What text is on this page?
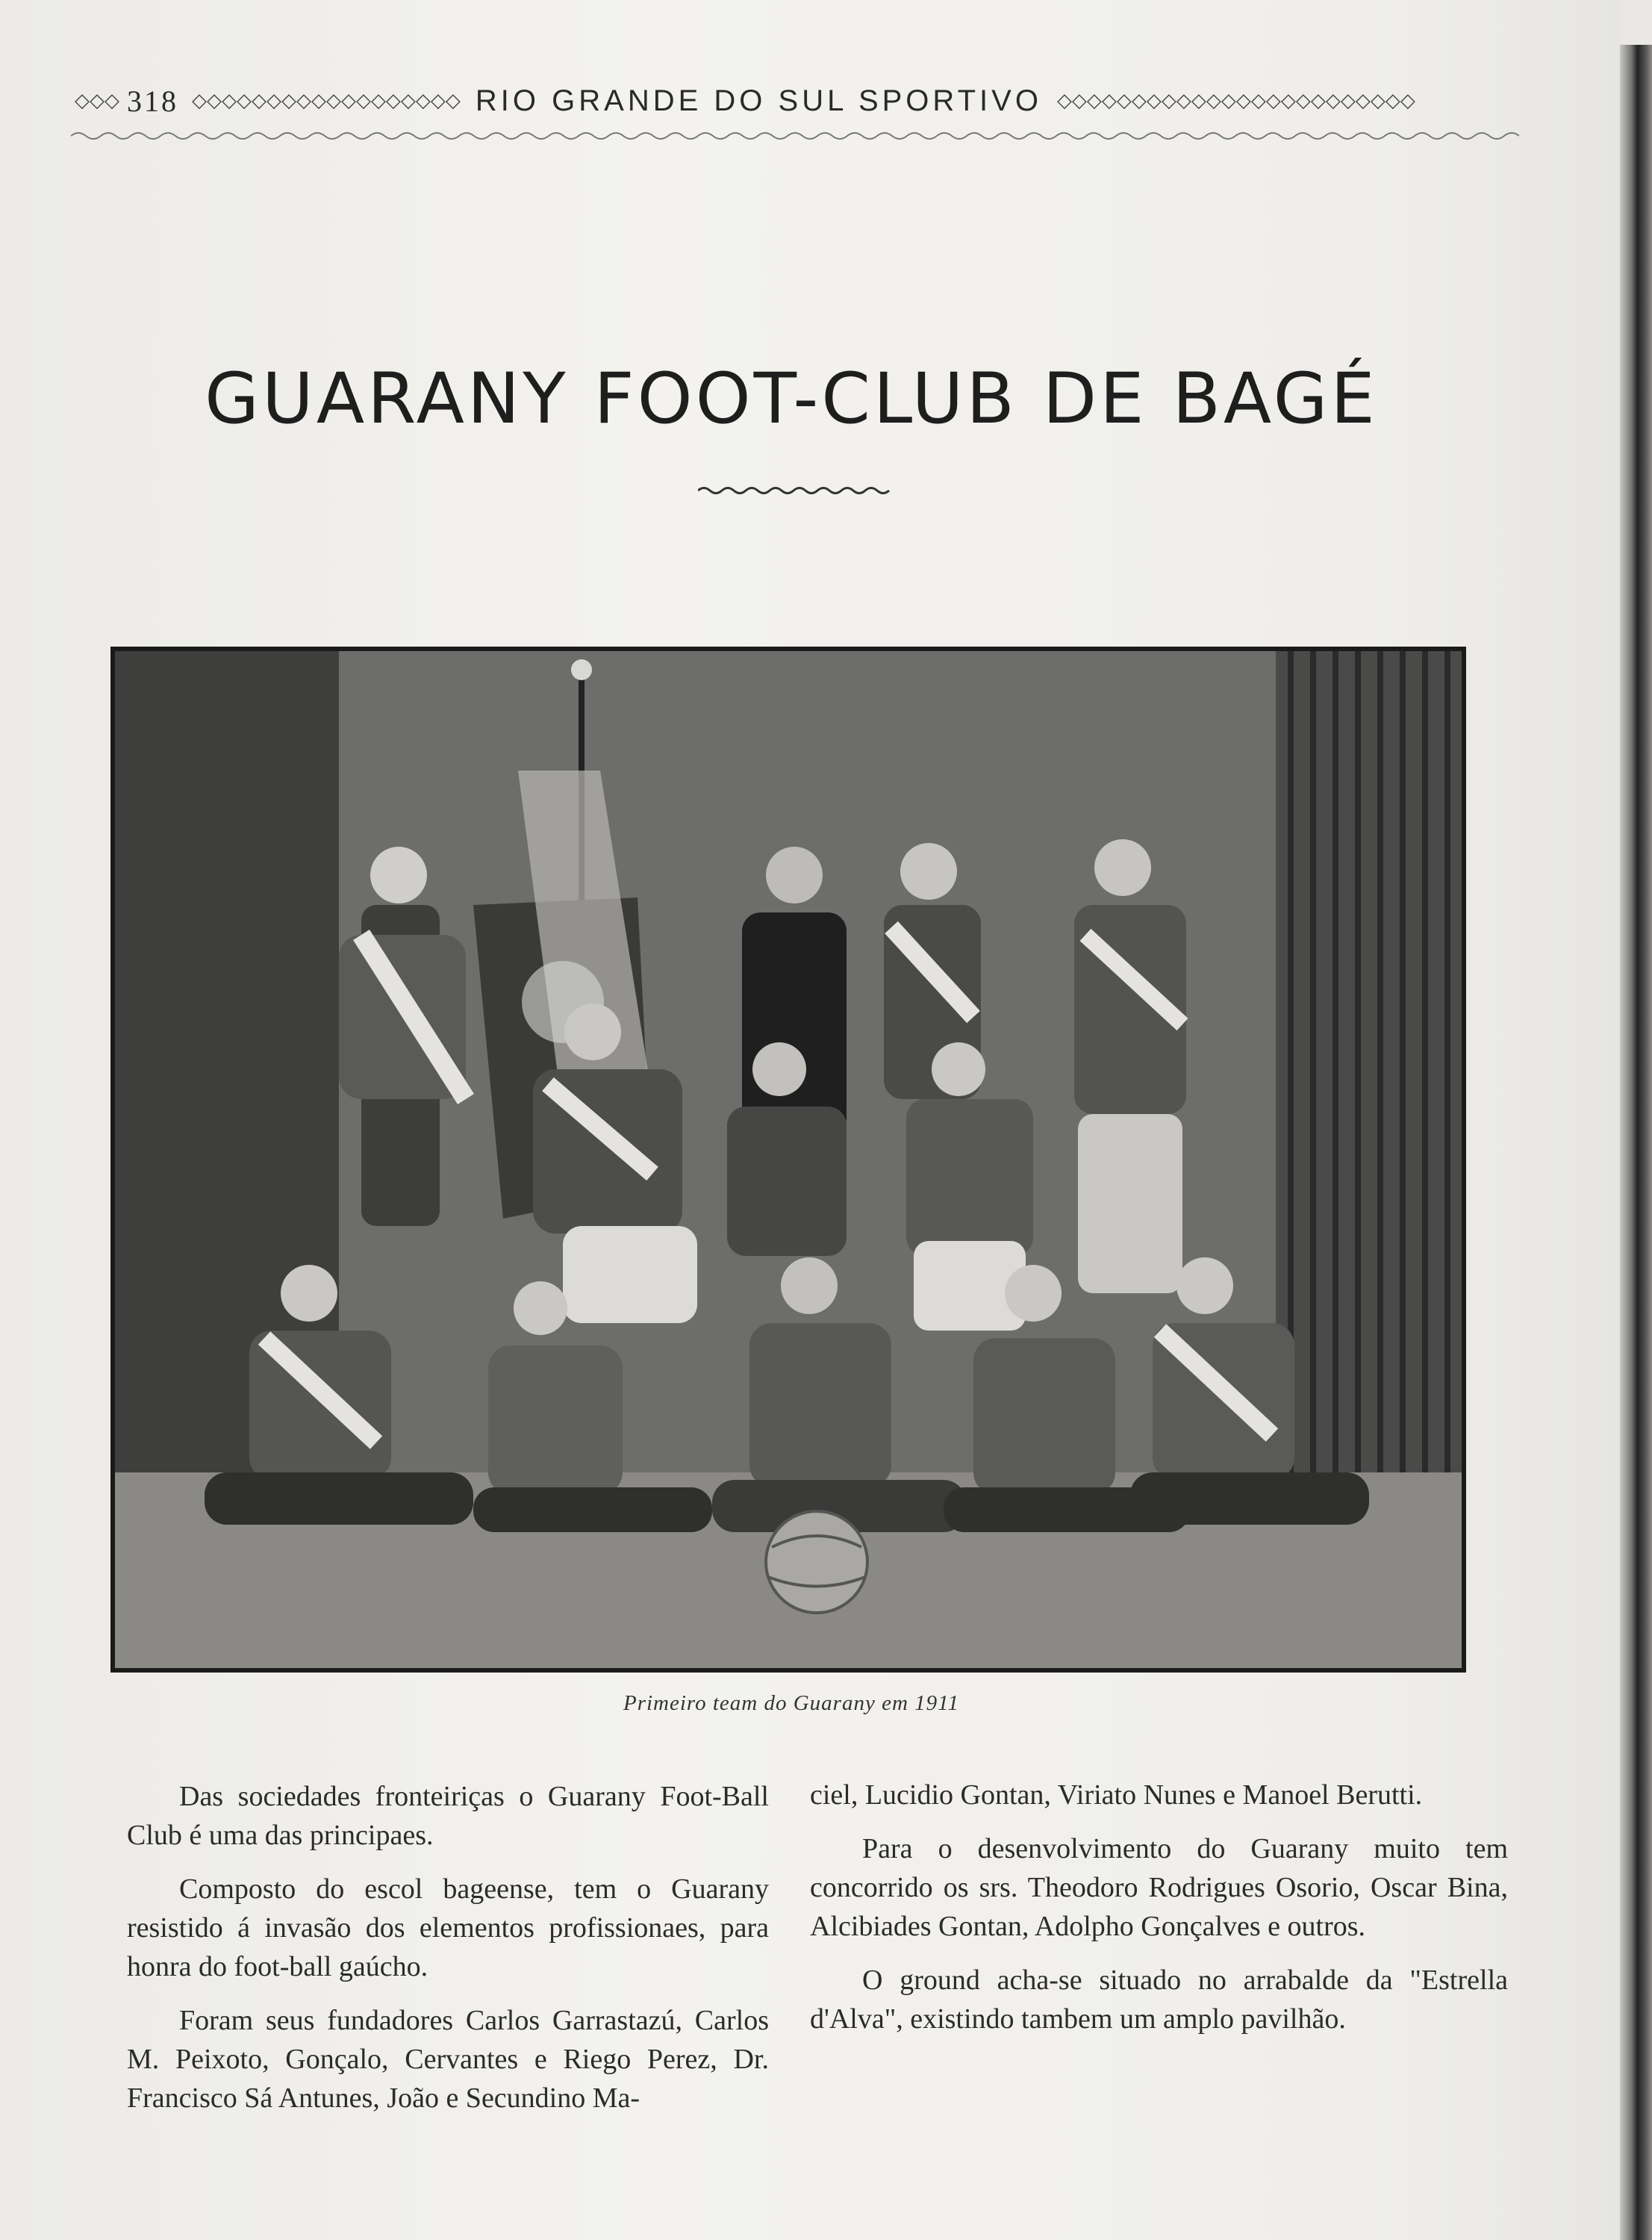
◇◇◇ 318 ◇◇◇◇◇◇◇◇◇◇◇◇◇◇◇◇◇◇ RIO GRANDE DO SUL SPORTIVO ◇◇◇◇◇◇◇◇◇◇◇◇◇◇◇◇◇◇◇◇◇◇◇◇
GUARANY FOOT-CLUB DE BAGÉ
Primeiro team do Guarany em 1911

Das sociedades fronteiriças o Guarany Foot-Ball Club é uma das principaes.

Composto do escol bageense, tem o Guarany resistido á invasão dos elementos profissionaes, para honra do foot-ball gaúcho.

Foram seus fundadores Carlos Garrastazú, Carlos M. Peixoto, Gonçalo, Cervantes e Riego Perez, Dr. Francisco Sá Antunes, João e Secundino Ma-

ciel, Lucidio Gontan, Viriato Nunes e Manoel Berutti.

Para o desenvolvimento do Guarany muito tem concorrido os srs. Theodoro Rodrigues Osorio, Oscar Bina, Alcibiades Gontan, Adolpho Gonçalves e outros.

O ground acha-se situado no arrabalde da "Estrella d'Alva", existindo tambem um amplo pavilhão.
